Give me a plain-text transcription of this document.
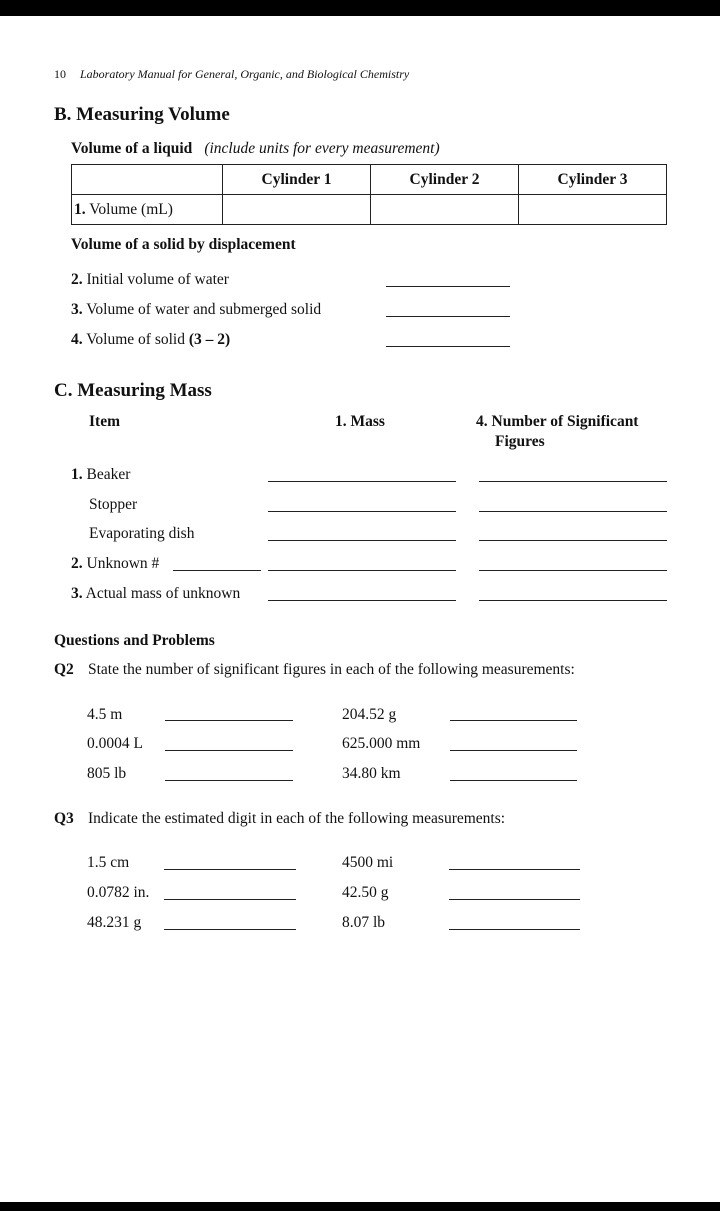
10 Laboratory Manual for General, Organic, and Biological Chemistry
B. Measuring Volume
Volume of a liquid (include units for every measurement)
	Cylinder 1	Cylinder 2	Cylinder 3
1. Volume (mL)			
Volume of a solid by displacement
2. Initial volume of water
3. Volume of water and submerged solid
4. Volume of solid (3 – 2)
C. Measuring Mass
Item	1. Mass	4. Number of Significant
Figures
1. Beaker
Stopper
Evaporating dish
2. Unknown #
3. Actual mass of unknown
Questions and Problems
Q2 State the number of significant figures in each of the following measurements:
4.5 m	204.52 g
0.0004 L	625.000 mm
805 lb	34.80 km
Q3 Indicate the estimated digit in each of the following measurements:
1.5 cm	4500 mi
0.0782 in.	42.50 g
48.231 g	8.07 lb
